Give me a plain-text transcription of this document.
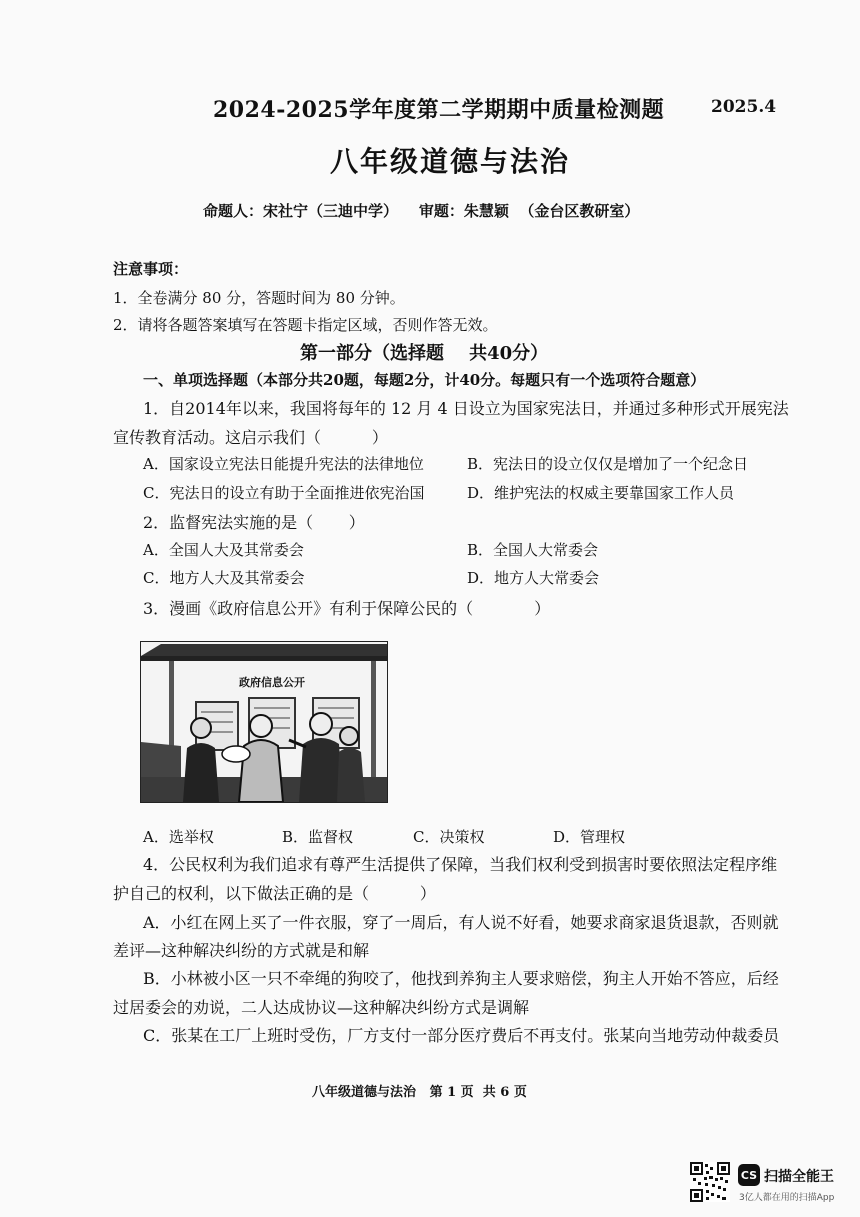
2024-2025学年度第二学期期中质量检测题	2025.4
八年级道德与法治
命题人：宋社宁（三迪中学）    审题：朱慧颖  （金台区教研室）
注意事项：
1．全卷满分 80 分，答题时间为 80 分钟。
2．请将各题答案填写在答题卡指定区域，否则作答无效。
第一部分（选择题    共40分）
一、单项选择题（本部分共20题，每题2分，计40分。每题只有一个选项符合题意）
1．自2014年以来，我国将每年的 12 月 4 日设立为国家宪法日，并通过多种形式开展宪法
宣传教育活动。这启示我们（          ）
A．国家设立宪法日能提升宪法的法律地位	B．宪法日的设立仅仅是增加了一个纪念日
C．宪法日的设立有助于全面推进依宪治国	D．维护宪法的权威主要靠国家工作人员
2．监督宪法实施的是（       ）
A．全国人大及其常委会	B．全国人大常委会
C．地方人大及其常委会	D．地方人大常委会
3．漫画《政府信息公开》有利于保障公民的（            ）
政府信息公开
A．选举权	B．监督权	C．决策权	D．管理权
4．公民权利为我们追求有尊严生活提供了保障，当我们权利受到损害时要依照法定程序维
护自己的权利，以下做法正确的是（          ）
A．小红在网上买了一件衣服，穿了一周后，有人说不好看，她要求商家退货退款，否则就
差评—这种解决纠纷的方式就是和解
B．小林被小区一只不牵绳的狗咬了，他找到养狗主人要求赔偿，狗主人开始不答应，后经
过居委会的劝说，二人达成协议—这种解决纠纷方式是调解
C．张某在工厂上班时受伤，厂方支付一部分医疗费后不再支付。张某向当地劳动仲裁委员
八年级道德与法治   第 1 页  共 6 页
CS 扫描全能王
3亿人都在用的扫描App
